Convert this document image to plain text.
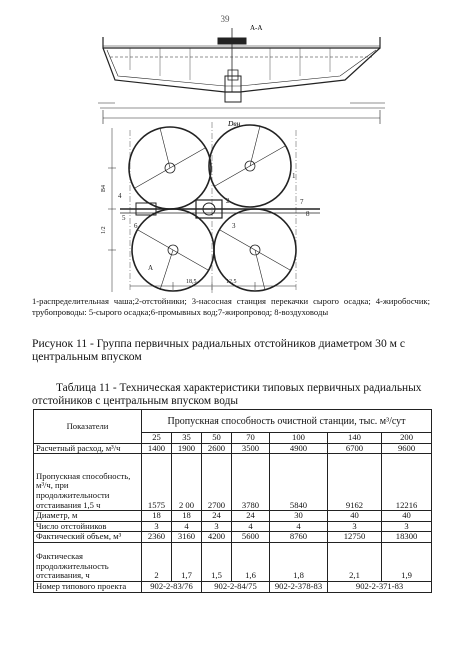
39
A-A
Dвн
1
2
3
4
5
6
7
8
A
В4
1/2
18,5	12,5
1-распределительная чаша;2-отстойники; 3-насосная станция перекачки сырого осадка; 4-жиробосчик; трубопроводы: 5-сырого осадка;6-промывных вод;7-жиропровод; 8-воздуховоды
Рисунок 11 - Группа первичных радиальных отстойников диаметром 30 м с центральным впуском
Таблица 11 - Техническая характеристики типовых первичных радиальных отстойников с центральным впуском воды
Показатели	Пропускная способность очистной станции, тыс. м³/сут						
	25	35	50	70	100	140	200
Расчетный расход, м³/ч	1400	1900	2600	3500	4900	6700	9600
Пропускная способность, м³/ч, при продолжительности отстаивания 1,5 ч	1575	2 00	2700	3780	5840	9162	12216
Диаметр, м	18	18	24	24	30	40	40
Число отстойников	3	4	3	4	4	3	3
Фактический объем, м³	2360	3160	4200	5600	8760	12750	18300
Фактическая продолжительность отстаивания, ч	2	1,7	1,5	1,6	1,8	2,1	1,9
Номер типового проекта	902-2-83/76		902-2-84/75		902-2-378-83	902-2-371-83	
